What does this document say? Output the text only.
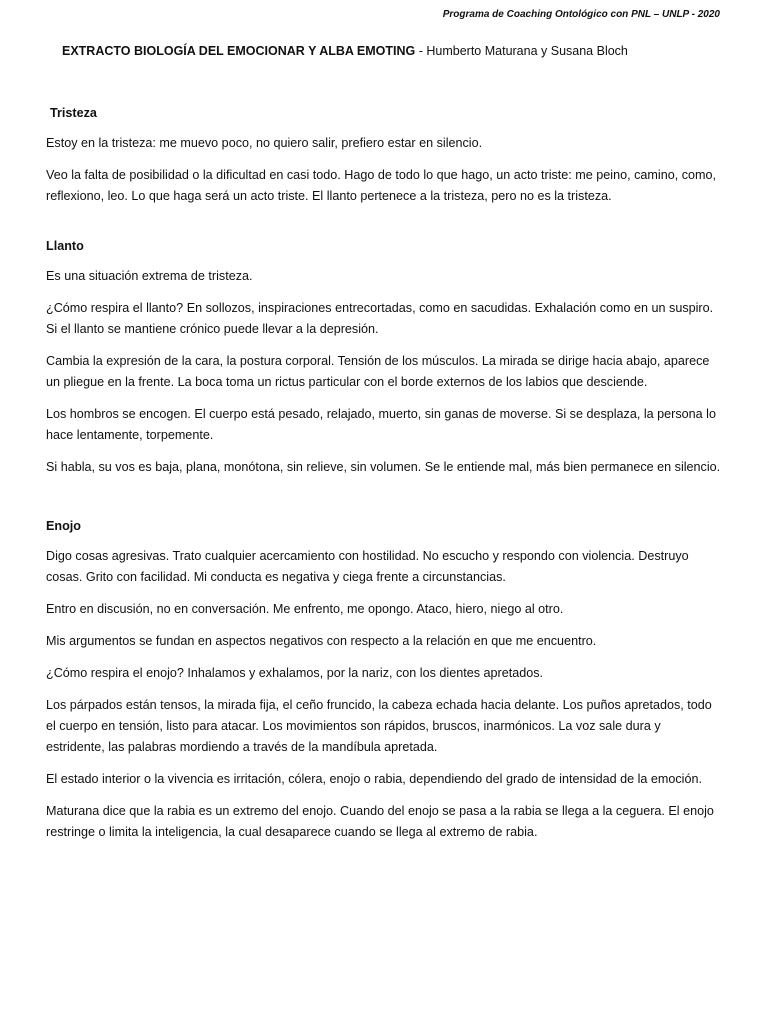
Programa de Coaching Ontológico con PNL – UNLP - 2020
EXTRACTO BIOLOGÍA DEL EMOCIONAR Y ALBA EMOTING - Humberto Maturana y Susana Bloch
Tristeza

Estoy en la tristeza: me muevo poco, no quiero salir, prefiero estar en silencio.

Veo la falta de posibilidad o la dificultad en casi todo. Hago de todo lo que hago, un acto triste: me peino, camino, como, reflexiono, leo. Lo que haga será un acto triste. El llanto pertenece a la tristeza, pero no es la tristeza.

Llanto

Es una situación extrema de tristeza.

¿Cómo respira el llanto? En sollozos, inspiraciones entrecortadas, como en sacudidas. Exhalación como en un suspiro. Si el llanto se mantiene crónico puede llevar a la depresión.

Cambia la expresión de la cara, la postura corporal. Tensión de los músculos. La mirada se dirige hacia abajo, aparece un pliegue en la frente. La boca toma un rictus particular con el borde externos de los labios que desciende.

Los hombros se encogen. El cuerpo está pesado, relajado, muerto, sin ganas de moverse. Si se desplaza, la persona lo hace lentamente, torpemente.

Si habla, su vos es baja, plana, monótona, sin relieve, sin volumen. Se le entiende mal, más bien permanece en silencio.

Enojo

Digo cosas agresivas. Trato cualquier acercamiento con hostilidad. No escucho y respondo con violencia. Destruyo cosas. Grito con facilidad. Mi conducta es negativa y ciega frente a circunstancias.

Entro en discusión, no en conversación. Me enfrento, me opongo. Ataco, hiero, niego al otro.

Mis argumentos se fundan en aspectos negativos con respecto a la relación en que me encuentro.

¿Cómo respira el enojo? Inhalamos y exhalamos, por la nariz, con los dientes apretados.

Los párpados están tensos, la mirada fija, el ceño fruncido, la cabeza echada hacia delante. Los puños apretados, todo el cuerpo en tensión, listo para atacar. Los movimientos son rápidos, bruscos, inarmónicos. La voz sale dura y estridente, las palabras mordiendo a través de la mandíbula apretada.

El estado interior o la vivencia es irritación, cólera, enojo o rabia, dependiendo del grado de intensidad de la emoción.

Maturana dice que la rabia es un extremo del enojo. Cuando del enojo se pasa a la rabia se llega a la ceguera. El enojo restringe o limita la inteligencia, la cual desaparece cuando se llega al extremo de rabia.
